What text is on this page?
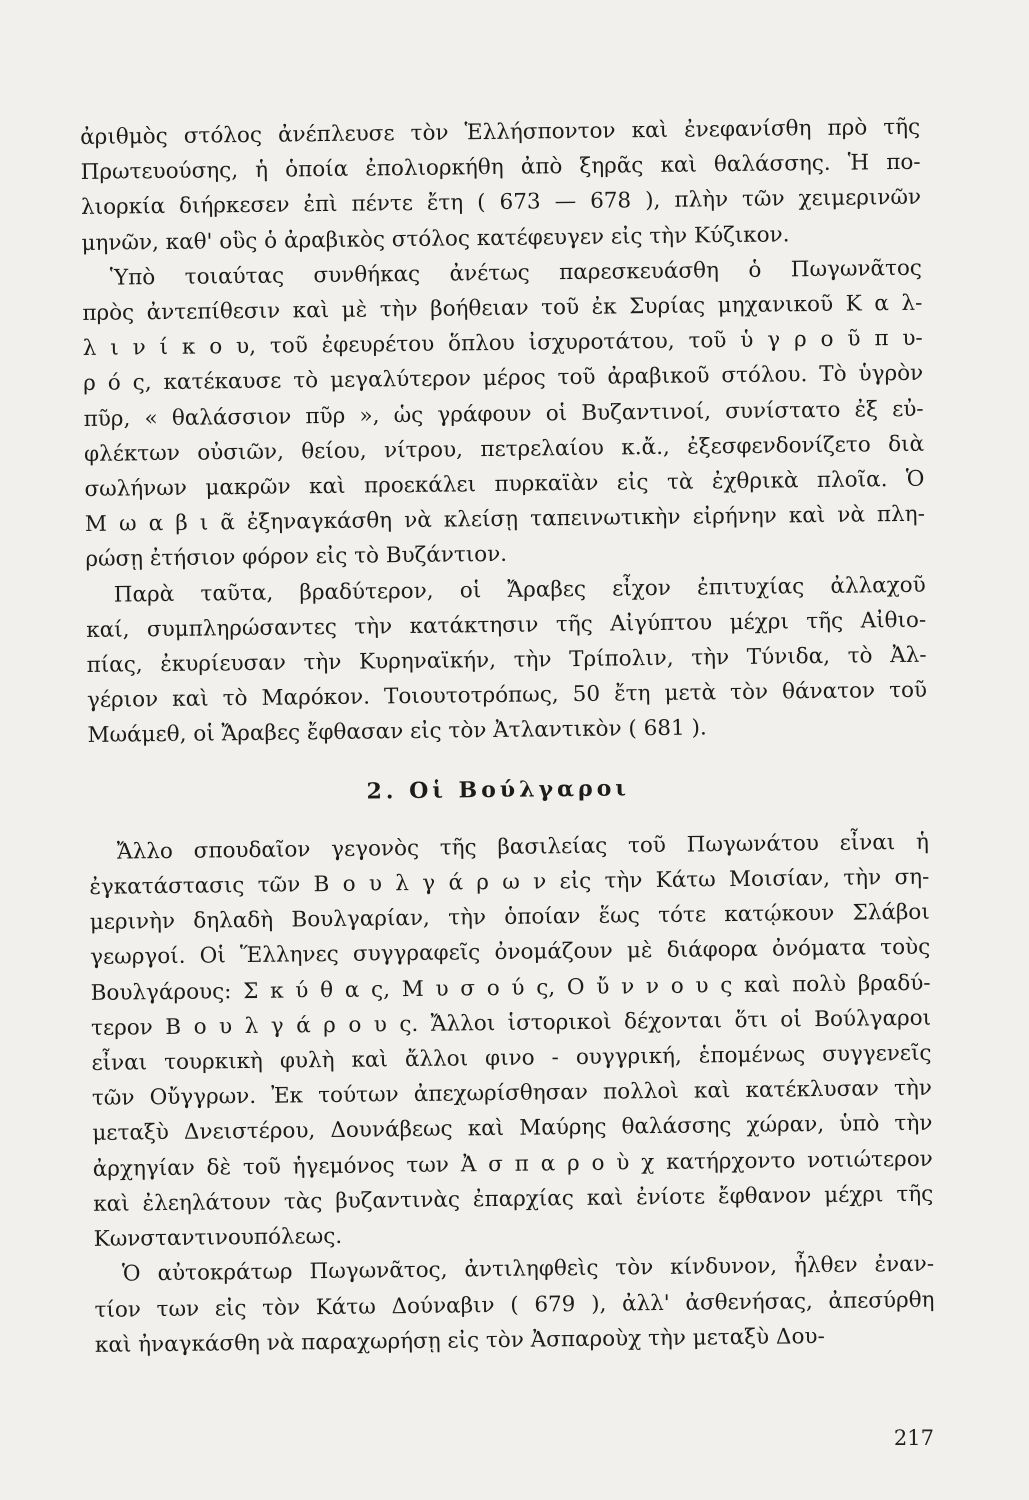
ἀριθμὸς στόλος ἀνέπλευσε τὸν Ἑλλήσποντον καὶ ἐνεφανίσθη πρὸ τῆς
Πρωτευούσης, ἡ ὁποία ἐπολιορκήθη ἀπὸ ξηρᾶς καὶ θαλάσσης. Ἡ πο-
λιορκία διήρκεσεν ἐπὶ πέντε ἔτη ( 673 — 678 ), πλὴν τῶν χειμερινῶν
μηνῶν, καθ' οὓς ὁ ἀραβικὸς στόλος κατέφευγεν εἰς τὴν Κύζικον.
Ὑπὸ τοιαύτας συνθήκας ἀνέτως παρεσκευάσθη ὁ Πωγωνᾶτος
πρὸς ἀντεπίθεσιν καὶ μὲ τὴν βοήθειαν τοῦ ἐκ Συρίας μηχανικοῦ Κ α λ-
λ ι ν ί κ ο υ, τοῦ ἐφευρέτου ὅπλου ἰσχυροτάτου, τοῦ ὑ γ ρ ο ῦ π υ-
ρ ό ς, κατέκαυσε τὸ μεγαλύτερον μέρος τοῦ ἀραβικοῦ στόλου. Τὸ ὑγρὸν
πῦρ, « θαλάσσιον πῦρ », ὡς γράφουν οἱ Βυζαντινοί, συνίστατο ἐξ εὐ-
φλέκτων οὐσιῶν, θείου, νίτρου, πετρελαίου κ.ἄ., ἐξεσφενδονίζετο διὰ
σωλήνων μακρῶν καὶ προεκάλει πυρκαϊὰν εἰς τὰ ἐχθρικὰ πλοῖα. Ὁ
Μ ω α β ι ᾶ ἐξηναγκάσθη νὰ κλείσῃ ταπεινωτικὴν εἰρήνην καὶ νὰ πλη-
ρώσῃ ἐτήσιον φόρον εἰς τὸ Βυζάντιον.
Παρὰ ταῦτα, βραδύτερον, οἱ Ἄραβες εἶχον ἐπιτυχίας ἀλλαχοῦ
καί, συμπληρώσαντες τὴν κατάκτησιν τῆς Αἰγύπτου μέχρι τῆς Αἰθιο-
πίας, ἐκυρίευσαν τὴν Κυρηναϊκήν, τὴν Τρίπολιν, τὴν Τύνιδα, τὸ Ἀλ-
γέριον καὶ τὸ Μαρόκον. Τοιουτοτρόπως, 50 ἔτη μετὰ τὸν θάνατον τοῦ
Μωάμεθ, οἱ Ἄραβες ἔφθασαν εἰς τὸν Ἀτλαντικὸν ( 681 ).
2. Οἱ Βούλγαροι
Ἄλλο σπουδαῖον γεγονὸς τῆς βασιλείας τοῦ Πωγωνάτου εἶναι ἡ
ἐγκατάστασις τῶν Β ο υ λ γ ά ρ ω ν εἰς τὴν Κάτω Μοισίαν, τὴν ση-
μερινὴν δηλαδὴ Βουλγαρίαν, τὴν ὁποίαν ἕως τότε κατῴκουν Σλάβοι
γεωργοί. Οἱ Ἕλληνες συγγραφεῖς ὀνομάζουν μὲ διάφορα ὀνόματα τοὺς
Βουλγάρους: Σ κ ύ θ α ς, Μ υ σ ο ύ ς, Ο ὔ ν ν ο υ ς καὶ πολὺ βραδύ-
τερον Β ο υ λ γ ά ρ ο υ ς. Ἄλλοι ἱστορικοὶ δέχονται ὅτι οἱ Βούλγαροι
εἶναι τουρκικὴ φυλὴ καὶ ἄλλοι φινο - ουγγρική, ἑπομένως συγγενεῖς
τῶν Οὔγγρων. Ἐκ τούτων ἀπεχωρίσθησαν πολλοὶ καὶ κατέκλυσαν τὴν
μεταξὺ Δνειστέρου, Δουνάβεως καὶ Μαύρης θαλάσσης χώραν, ὑπὸ τὴν
ἀρχηγίαν δὲ τοῦ ἡγεμόνος των Ἀ σ π α ρ ο ὺ χ κατήρχοντο νοτιώτερον
καὶ ἐλεηλάτουν τὰς βυζαντινὰς ἐπαρχίας καὶ ἐνίοτε ἔφθανον μέχρι τῆς
Κωνσταντινουπόλεως.
Ὁ αὐτοκράτωρ Πωγωνᾶτος, ἀντιληφθεὶς τὸν κίνδυνον, ἦλθεν ἐναν-
τίον των εἰς τὸν Κάτω Δούναβιν ( 679 ), ἀλλ' ἀσθενήσας, ἀπεσύρθη
καὶ ἠναγκάσθη νὰ παραχωρήσῃ εἰς τὸν Ἀσπαροὺχ τὴν μεταξὺ Δου-
217
